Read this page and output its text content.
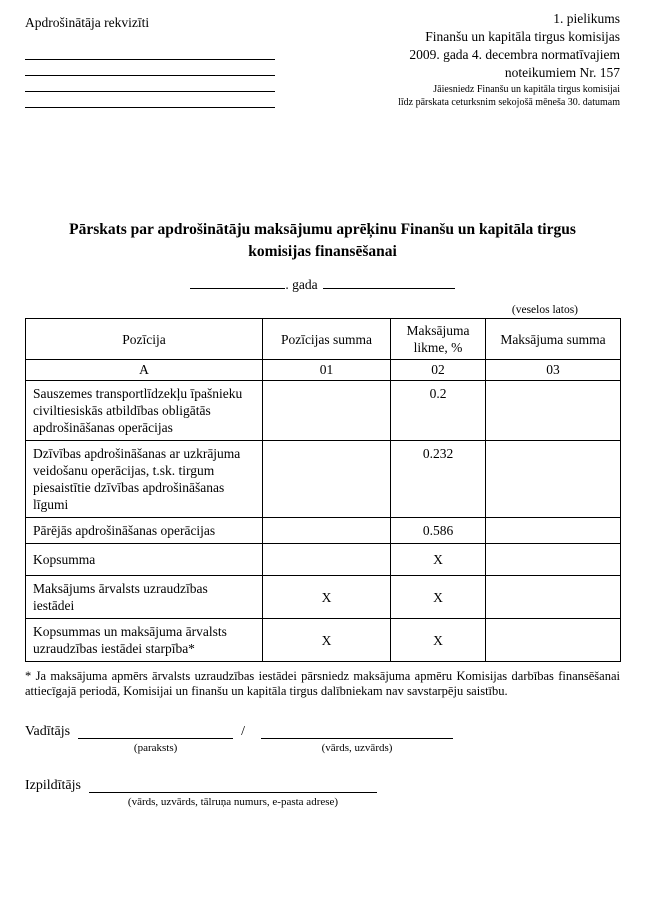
Apdrošinātāja rekvizīti	1. pielikums
Finanšu un kapitāla tirgus komisijas
2009. gada 4. decembra normatīvajiem
noteikumiem Nr. 157
Jāiesniedz Finanšu un kapitāla tirgus komisijai
līdz pārskata ceturksnim sekojošā mēneša 30. datumam
Pārskats par apdrošinātāju maksājumu aprēķinu Finanšu un kapitāla tirgus komisijas finansēšanai
. gada
(veselos latos)
Pozīcija	Pozīcijas summa	Maksājuma likme, %	Maksājuma summa
A	01	02	03
Sauszemes transportlīdzekļu īpašnieku civiltiesiskās atbildības obligātās apdrošināšanas operācijas		0.2	
Dzīvības apdrošināšanas ar uzkrājuma veidošanu operācijas, t.sk. tirgum piesaistītie dzīvības apdrošināšanas līgumi		0.232	
Pārējās apdrošināšanas operācijas		0.586	
Kopsumma		X	
Maksājums ārvalsts uzraudzības iestādei	X	X	
Kopsummas un maksājuma ārvalsts uzraudzības iestādei starpība*	X	X	
* Ja maksājuma apmērs ārvalsts uzraudzības iestādei pārsniedz maksājuma apmēru Komisijas darbības finansēšanai attiecīgajā periodā, Komisijai un finanšu un kapitāla tirgus dalībniekam nav savstarpēju saistību.
Vadītājs
(paraksts)
/
(vārds, uzvārds)
Izpildītājs
(vārds, uzvārds, tālruņa numurs, e-pasta adrese)
